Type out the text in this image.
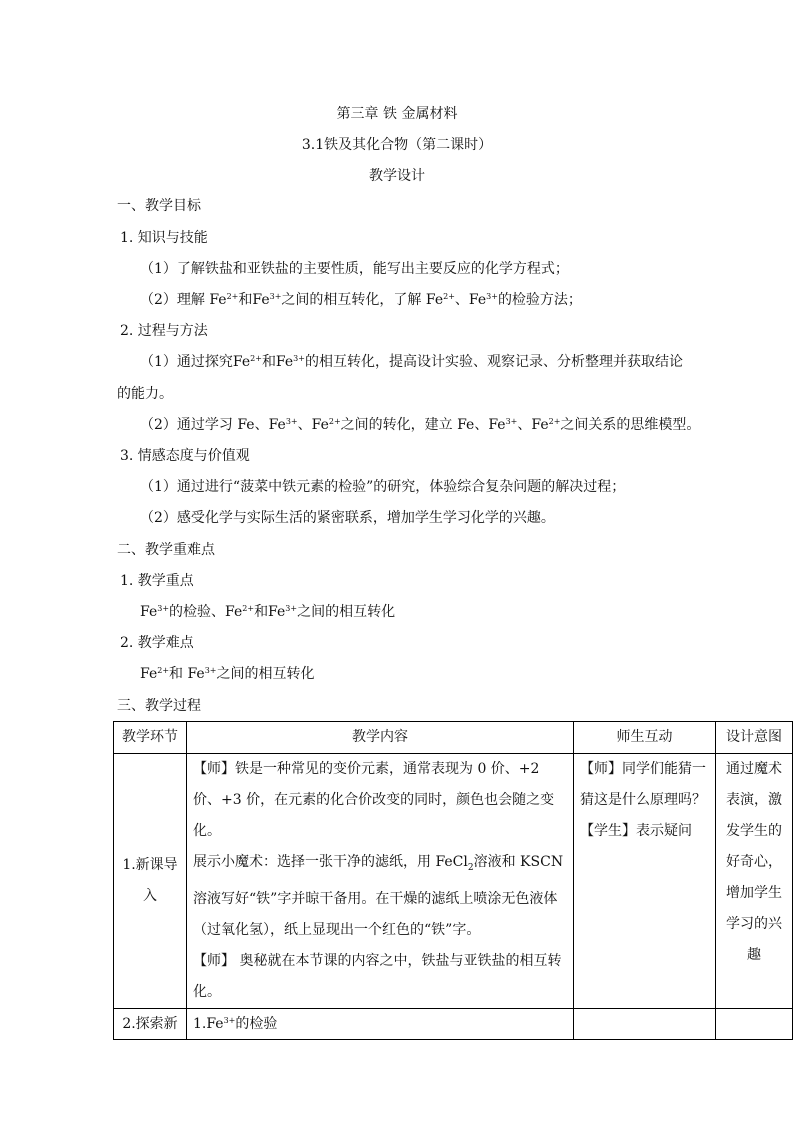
第三章 铁 金属材料
3.1铁及其化合物（第二课时）
教学设计
一、教学目标
1. 知识与技能
（1）了解铁盐和亚铁盐的主要性质，能写出主要反应的化学方程式；
（2）理解 $Fe^{2+}$和$Fe^{3+}$之间的相互转化，了解 $Fe^{2+}$、$Fe^{3+}$的检验方法；
2. 过程与方法
（1）通过探究$Fe^{2+}$和$Fe^{3+}$的相互转化，提高设计实验、观察记录、分析整理并获取结论
的能力。
（2）通过学习 Fe、$Fe^{3+}$、$Fe^{2+}$之间的转化，建立 Fe、$Fe^{3+}$、$Fe^{2+}$之间关系的思维模型。
3. 情感态度与价值观
（1）通过进行“菠菜中铁元素的检验”的研究，体验综合复杂问题的解决过程；
（2）感受化学与实际生活的紧密联系，增加学生学习化学的兴趣。
二、教学重难点
1. 教学重点
$Fe^{3+}$的检验、$Fe^{2+}$和$Fe^{3+}$之间的相互转化
2. 教学难点
$Fe^{2+}$和 $Fe^{3+}$之间的相互转化
三、教学过程
教学环节	教学内容	师生互动	设计意图
1.新课导入	【师】铁是一种常见的变价元素，通常表现为 0 价、+2 价、+3 价，在元素的化合价改变的同时，颜色也会随之变化。
展示小魔术：选择一张干净的滤纸，用 FeCl$_2$溶液和 KSCN 溶液写好“铁”字并晾干备用。在干燥的滤纸上喷涂无色液体（过氧化氢），纸上显现出一个红色的“铁”字。
【师】 奥秘就在本节课的内容之中，铁盐与亚铁盐的相互转化。	【师】同学们能猜一猜这是什么原理吗？
【学生】表示疑问	通过魔术表演，激发学生的好奇心，增加学生学习的兴趣
2.探索新	$1.Fe^{3+}$的检验		
